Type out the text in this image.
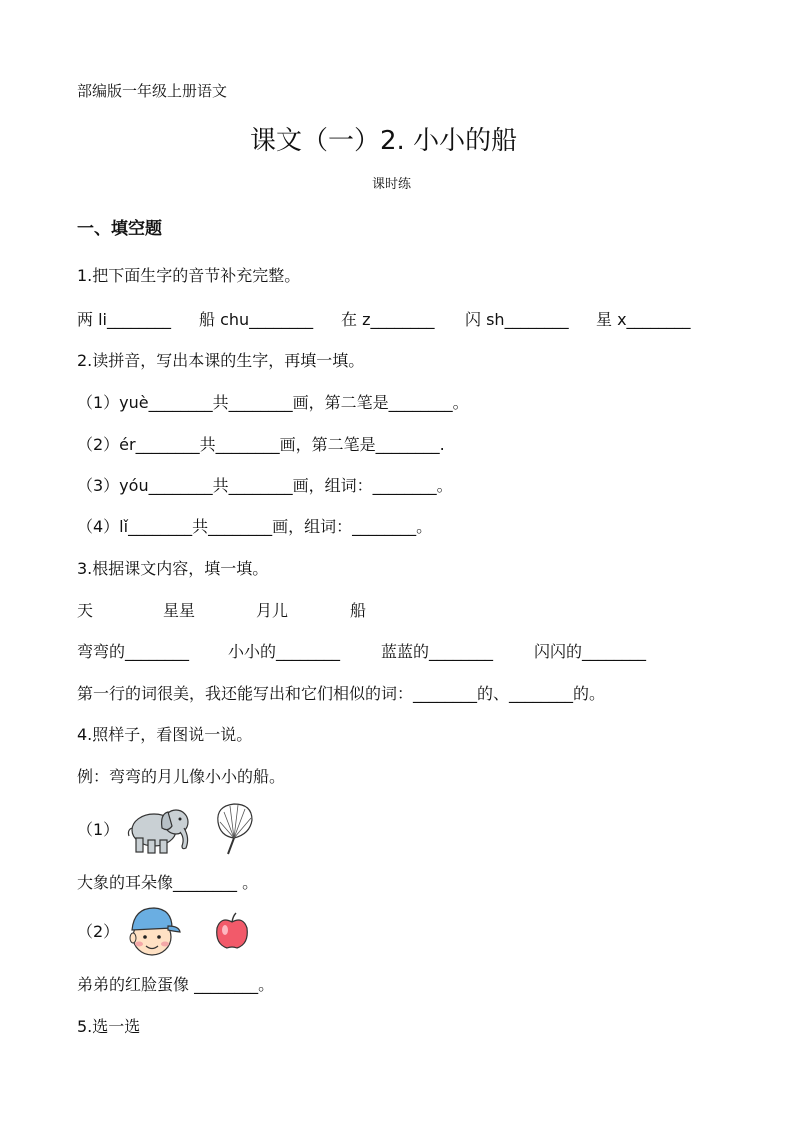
部编版一年级上册语文
课文（一）2. 小小的船
课时练
一、填空题
1.把下面生字的音节补充完整。
两 li________ 船 chu________ 在 z________ 闪 sh________ 星 x________
2.读拼音，写出本课的生字，再填一填。
（1）yuè________共________画，第二笔是________。
（2）ér________共________画，第二笔是________.
（3）yóu________共________画，组词：________。
（4）lǐ________共________画，组词：________。
3.根据课文内容，填一填。
天	星星	月儿	船
弯弯的________ 小小的________	蓝蓝的________	闪闪的________
第一行的词很美，我还能写出和它们相似的词：________的、________的。
4.照样子，看图说一说。
例：弯弯的月儿像小小的船。
（1）
大象的耳朵像________ 。
（2）
弟弟的红脸蛋像 ________。
5.选一选
